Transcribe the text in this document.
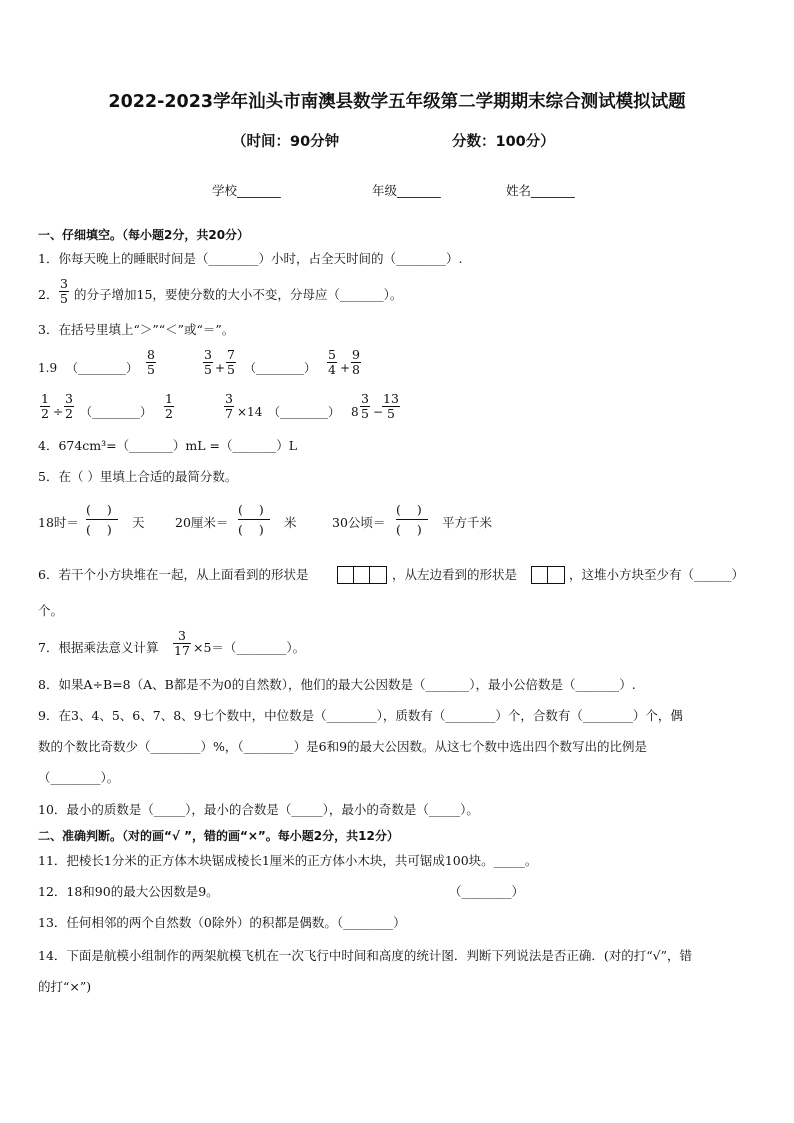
2022-2023学年汕头市南澳县数学五年级第二学期期末综合测试模拟试题
（时间：90分钟	分数：100分）
学校_______	年级_______	姓名_______
一、仔细填空。（每小题2分，共20分）
1．你每天晚上的睡眠时间是（________）小时，占全天时间的（________）.
2． $\frac{3}{5}$ 的分子增加15，要使分数的大小不变，分母应（_______）。
3．在括号里填上“＞”“＜”或“＝”。
1.9 （________） $\frac{8}{5}$	$\frac{3}{5} + \frac{7}{5}$ （________） $\frac{5}{4} + \frac{9}{8}$
$\frac{1}{2} \div \frac{3}{2}$ （________） $\frac{1}{2}$	$\frac{3}{7} \times 14$ （________） $8 \frac{3}{5}$ −
$\frac{13}{5}$
4．674cm³=（_______）mL =（_______）L
5．在（ ）里填上合适的最简分数。
18时＝
( )
( ) 天 20厘米＝
( )
( ) 米	30公顷＝
( )
( ) 平方千米
6．若干个小方块堆在一起，从上面看到的形状是	，从左边看到的形状是	，这堆小方块至少有（______）
个。
7．根据乘法意义计算 $\frac{3}{17}$ ×5＝（________）。
8．如果A÷B=8（A、B都是不为0的自然数），他们的最大公因数是（_______），最小公倍数是（_______）.
9．在3、4、5、6、7、8、9七个数中，中位数是（________），质数有（________）个，合数有（________）个，偶
数的个数比奇数少（________）%，（________）是6和9的最大公因数。从这七个数中选出四个数写出的比例是
（________）。
10．最小的质数是（_____），最小的合数是（_____），最小的奇数是（_____）。
二、准确判断。（对的画“√ ”，错的画“×”。每小题2分，共12分）
11．把棱长1分米的正方体木块锯成棱长1厘米的正方体小木块，共可锯成100块。_____。
12．18和90的最大公因数是9。	（________）
13．任何相邻的两个自然数（0除外）的积都是偶数。（________）
14．下面是航模小组制作的两架航模飞机在一次飞行中时间和高度的统计图．判断下列说法是否正确．(对的打“√”，错
的打“×”)
